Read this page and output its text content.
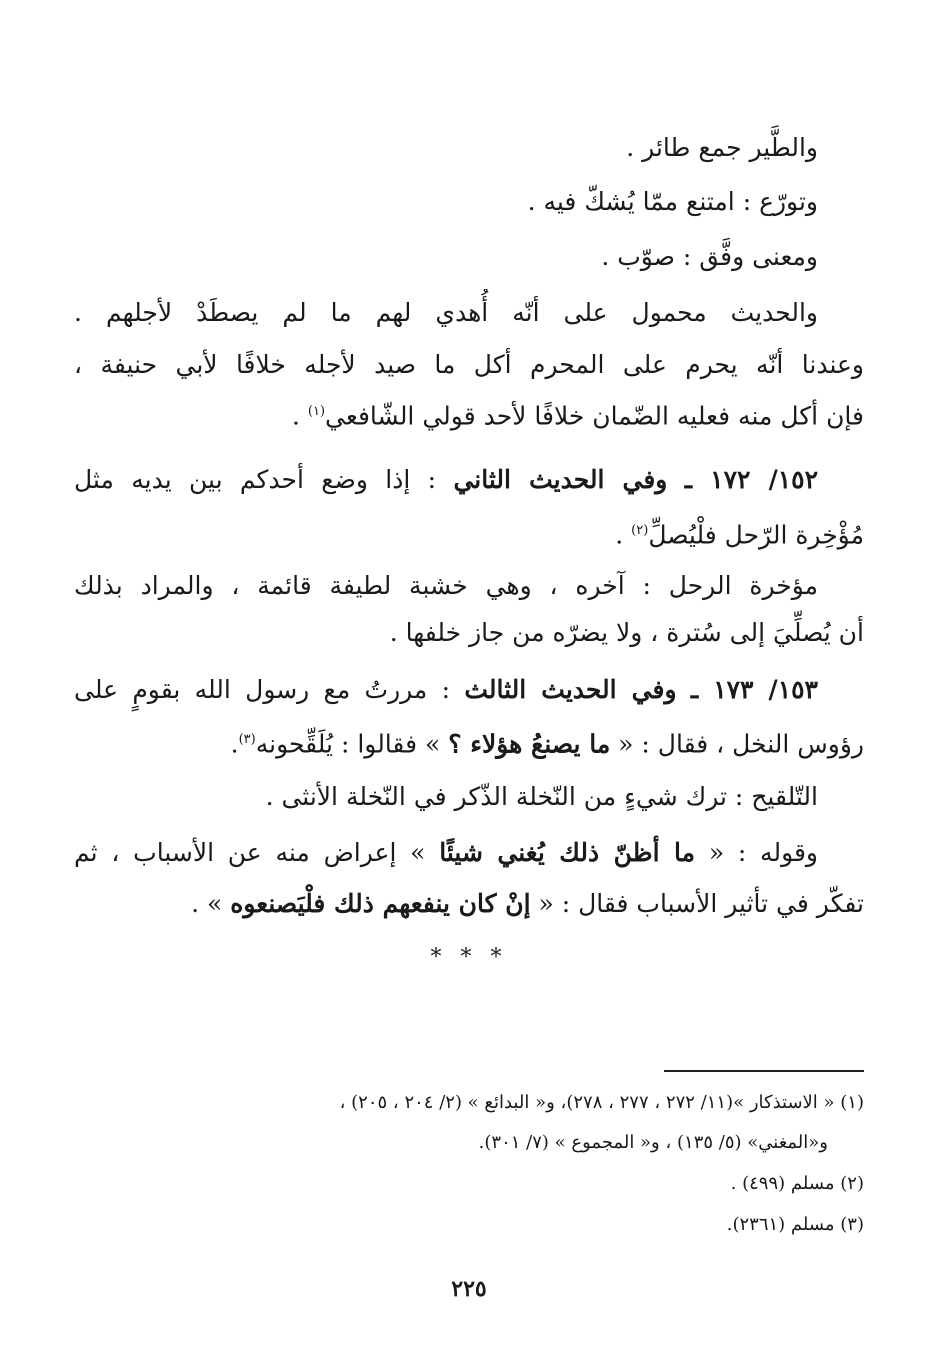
والطَّير جمع طائر .
وتورّع : امتنع ممّا يُشكّ فيه .
ومعنى وفَّق : صوّب .
والحديث محمول على أنّه أُهدي لهم ما لم يصطَدْ لأجلهم .
وعندنا أنّه يحرم على المحرم أكل ما صيد لأجله خلافًا لأبي حنيفة ،
فإن أكل منه فعليه الضّمان خلافًا لأحد قولي الشّافعي$^{(١)}$ .
١٥٢/ ١٧٢ ـ وفي الحديث الثاني : إذا وضع أحدكم بين يديه مثل
مُؤْخِرة الرّحل فلْيُصلِّ$^{(٢)}$ .
مؤخرة الرحل : آخره ، وهي خشبة لطيفة قائمة ، والمراد بذلك
أن يُصلِّيَ إلى سُترة ، ولا يضرّه من جاز خلفها .
١٥٣/ ١٧٣ ـ وفي الحديث الثالث : مررتُ مع رسول الله بقومٍ على
رؤوس النخل ، فقال : « ما يصنعُ هؤلاء ؟ » فقالوا : يُلَقِّحونه$^{(٣)}$.
التّلقيح : ترك شيءٍ من النّخلة الذّكر في النّخلة الأنثى .
وقوله : « ما أظنّ ذلك يُغني شيئًا » إعراض منه عن الأسباب ، ثم
تفكّر في تأثير الأسباب فقال : « إنْ كان ينفعهم ذلك فلْيَصنعوه » .
* * *
(١) « الاستذكار »(١١/ ٢٧٢ ، ٢٧٧ ، ٢٧٨)، و« البدائع » (٢/ ٢٠٤ ، ٢٠٥) ،
و«المغني» (٥/ ١٣٥) ، و« المجموع » (٧/ ٣٠١).
(٢) مسلم (٤٩٩) .
(٣) مسلم (٢٣٦١).
٢٢٥
